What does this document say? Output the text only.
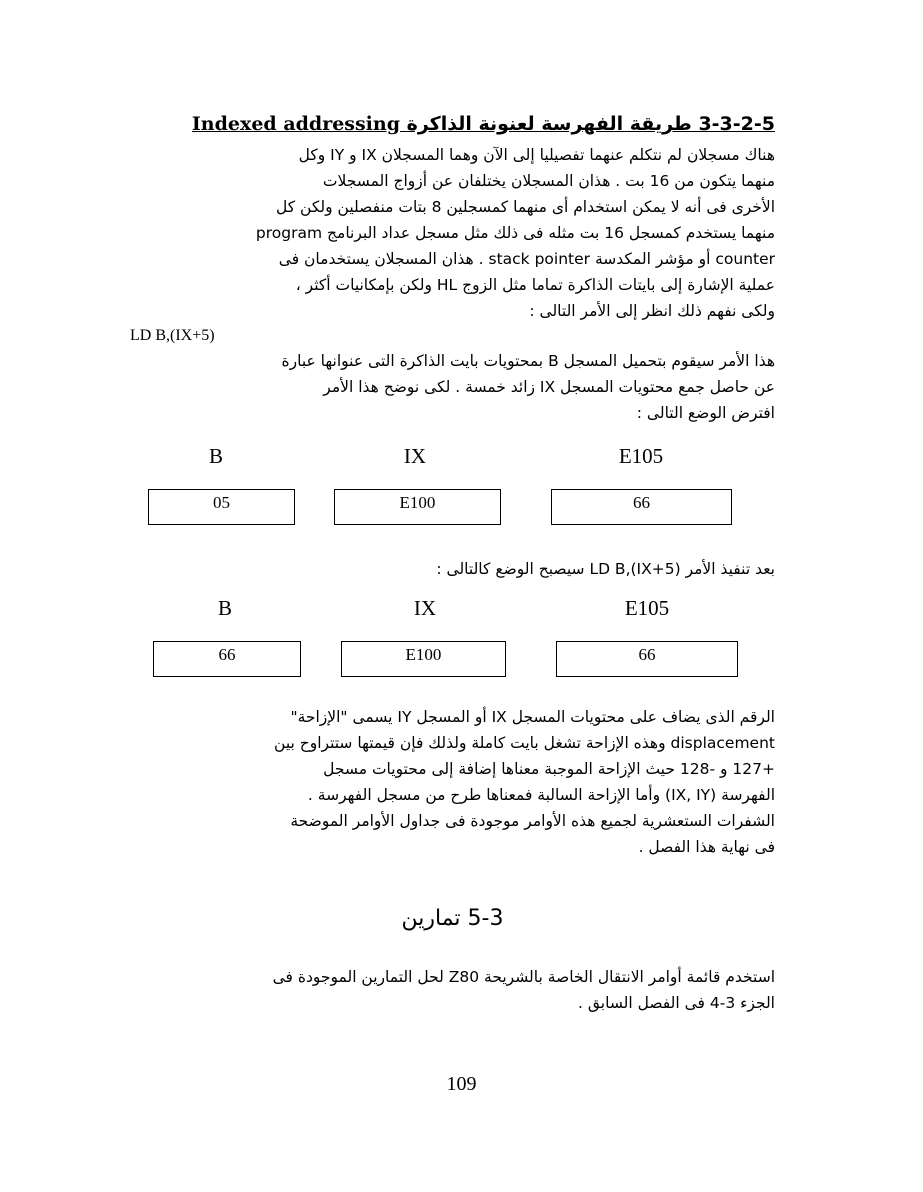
3-3-2-5 طريقة الفهرسة لعنونة الذاكرة Indexed addressing

هناك مسجلان لم نتكلم عنهما تفصيليا إلى الآن وهما المسجلان IX و IY وكل

منهما يتكون من 16 بت . هذان المسجلان يختلفان عن أزواج المسجلات

الأخرى فى أنه لا يمكن استخدام أى منهما كمسجلين 8 بتات منفصلين ولكن كل

منهما يستخدم كمسجل 16 بت مثله فى ذلك مثل مسجل عداد البرنامج program

counter أو مؤشر المكدسة stack pointer . هذان المسجلان يستخدمان فى

عملية الإشارة إلى بايتات الذاكرة تماما مثل الزوج HL ولكن بإمكانيات أكثر ،

ولكى نفهم ذلك انظر إلى الأمر التالى :

LD B,(IX+5)

هذا الأمر سيقوم بتحميل المسجل B بمحتويات بايت الذاكرة التى عنوانها عبارة

عن حاصل جمع محتويات المسجل IX زائد خمسة . لكى نوضح هذا الأمر

افترض الوضع التالى :

B	IX	E105
05	E100	66

بعد تنفيذ الأمر LD B,(IX+5) سيصبح الوضع كالتالى :

B	IX	E105
66	E100	66

الرقم الذى يضاف على محتويات المسجل IX أو المسجل IY يسمى "الإزاحة"

displacement وهذه الإزاحة تشغل بايت كاملة ولذلك فإن قيمتها ستتراوح بين

+127 و -128 حيث الإزاحة الموجبة معناها إضافة إلى محتويات مسجل

الفهرسة (IX, IY) وأما الإزاحة السالبة فمعناها طرح من مسجل الفهرسة .

الشفرات الستعشرية لجميع هذه الأوامر موجودة فى جداول الأوامر الموضحة

فى نهاية هذا الفصل .

5-3 تمارين

استخدم قائمة أوامر الانتقال الخاصة بالشريحة Z80 لحل التمارين الموجودة فى

الجزء 3-4 فى الفصل السابق .

109
